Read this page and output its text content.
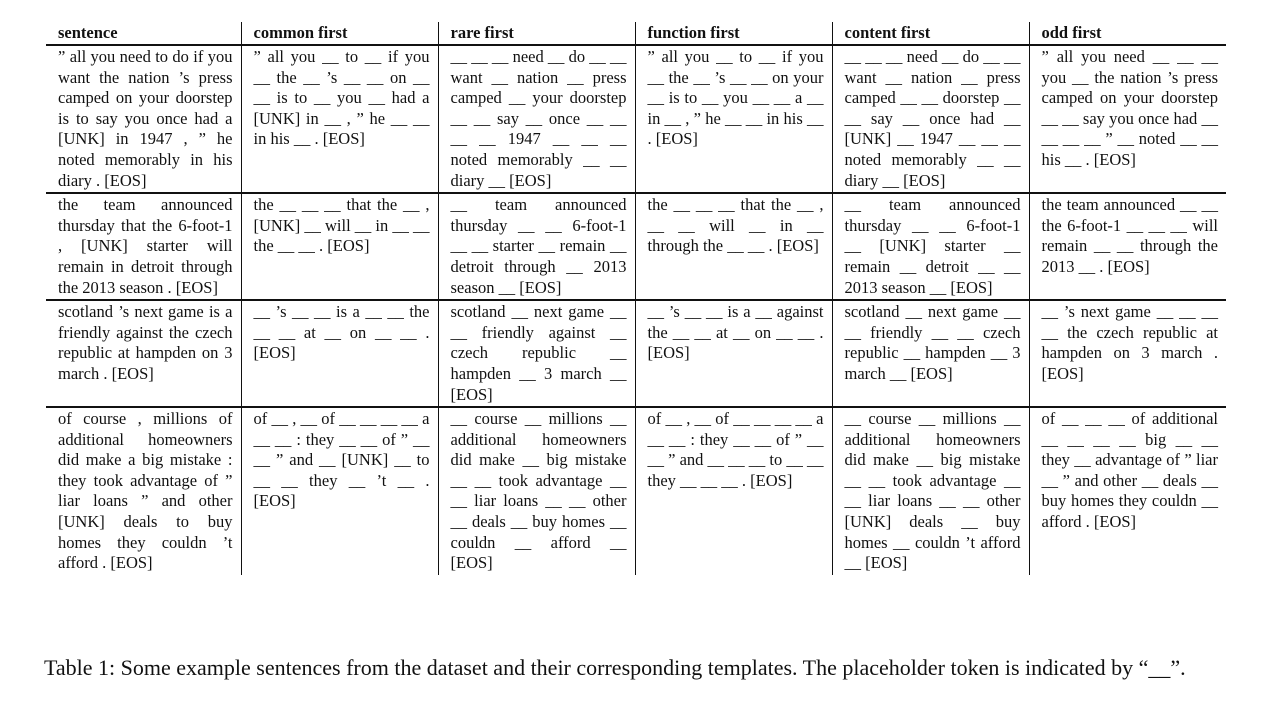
sentence	common first	rare first	function first	content first	odd first
” all you need to do if you want the nation ’s press camped on your doorstep is to say you once had a [UNK] in 1947 , ” he noted memorably in his diary . [EOS]	” all you __ to __ if you __ the __ ’s __ __ on __ __ is to __ you __ had a [UNK] in __ , ” he __ __ in his __ . [EOS]	__ __ __ need __ do __ __ want __ nation __ press camped __ your doorstep __ __ say __ once __ __ __ __ 1947 __ __ __ noted memorably __ __ diary __ [EOS]	” all you __ to __ if you __ the __ ’s __ __ on your __ is to __ you __ __ a __ in __ , ” he __ __ in his __ . [EOS]	__ __ __ need __ do __ __ want __ nation __ press camped __ __ doorstep __ __ say __ once had __ [UNK] __ 1947 __ __ __ noted memorably __ __ diary __ [EOS]	” all you need __ __ __ you __ the nation ’s press camped on your doorstep __ __ say you once had __ __ __ __ ” __ noted __ __ his __ . [EOS]
the team announced thursday that the 6-foot-1 , [UNK] starter will remain in detroit through the 2013 season . [EOS]	the __ __ __ that the __ , [UNK] __ will __ in __ __ the __ __ . [EOS]	__ team announced thursday __ __ 6-foot-1 __ __ starter __ remain __ detroit through __ 2013 season __ [EOS]	the __ __ __ that the __ , __ __ will __ in __ through the __ __ . [EOS]	__ team announced thursday __ __ 6-foot-1 __ [UNK] starter __ remain __ detroit __ __ 2013 season __ [EOS]	the team announced __ __ the 6-foot-1 __ __ __ will remain __ __ through the 2013 __ . [EOS]
scotland ’s next game is a friendly against the czech republic at hampden on 3 march . [EOS]	__ ’s __ __ is a __ __ the __ __ at __ on __ __ . [EOS]	scotland __ next game __ __ friendly against __ czech republic __ hampden __ 3 march __ [EOS]	__ ’s __ __ is a __ against the __ __ at __ on __ __ . [EOS]	scotland __ next game __ __ friendly __ __ czech republic __ hampden __ 3 march __ [EOS]	__ ’s next game __ __ __ __ the czech republic at hampden on 3 march . [EOS]
of course , millions of additional homeowners did make a big mistake : they took advantage of ” liar loans ” and other [UNK] deals to buy homes they couldn ’t afford . [EOS]	of __ , __ of __ __ __ __ a __ __ : they __ __ of ” __ __ ” and __ [UNK] __ to __ __ they __ ’t __ . [EOS]	__ course __ millions __ additional homeowners did make __ big mistake __ __ took advantage __ __ liar loans __ __ other __ deals __ buy homes __ couldn __ afford __ [EOS]	of __ , __ of __ __ __ __ a __ __ : they __ __ of ” __ __ ” and __ __ __ to __ __ they __ __ __ . [EOS]	__ course __ millions __ additional homeowners did make __ big mistake __ __ took advantage __ __ liar loans __ __ other [UNK] deals __ buy homes __ couldn ’t afford __ [EOS]	of __ __ __ of additional __ __ __ __ big __ __ they __ advantage of ” liar __ ” and other __ deals __ buy homes they couldn __ afford . [EOS]
Table 1: Some example sentences from the dataset and their corresponding templates. The placeholder token is indicated by “__”.
